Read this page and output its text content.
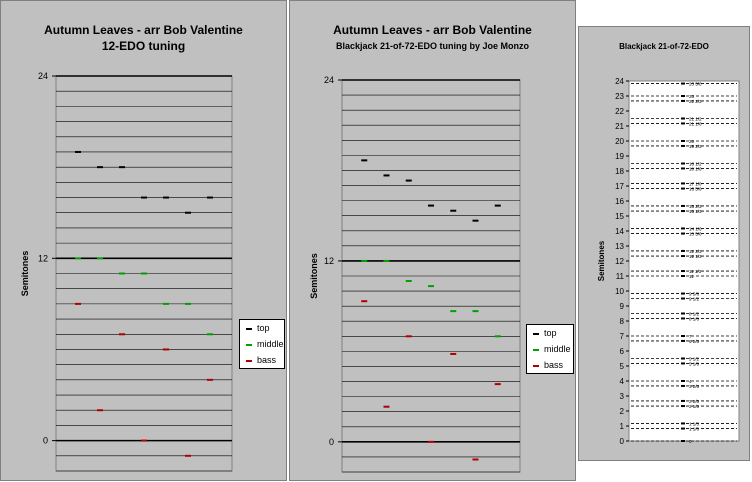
Autumn Leaves - arr Bob Valentine
12-EDO tuning
0
12
24
Semitones
top
middle
bass
Autumn Leaves - arr Bob Valentine
Blackjack 21-of-72-EDO tuning by Joe Monzo
0
12
24
Semitones
top
middle
bass
Blackjack 21-of-72-EDO
0
1
2
3
4
5
6
7
8
9
10
11
12
13
14
15
16
17
18
19
20
21
22
23
24
0
1 1/6
1 1/3
2 1/3
2 2/3
3 2/3
4
5 1/6
5 1/2
6 2/3
7
8 1/6
8 1/2
9 1/2
9 5/6
11
11 1/3
12 1/3
12 2/3
13 5/6
14 1/6
15 1/3
15 2/3
16 5/6
17 1/6
18 1/6
18 1/2
19 2/3
20
21 1/6
21 1/2
22 2/3
23
23 5/6
Semitones
